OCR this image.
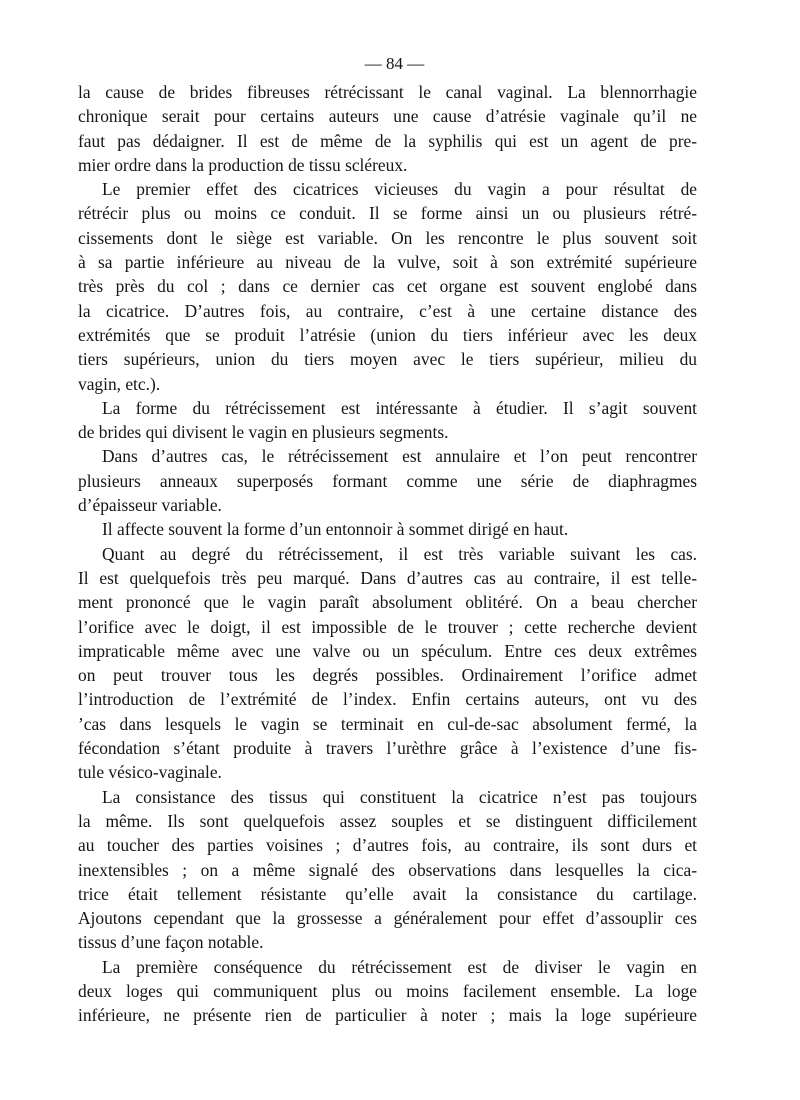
— 84 —
la cause de brides fibreuses rétrécissant le canal vaginal. La blennorrhagie
chronique serait pour certains auteurs une cause d’atrésie vaginale qu’il ne
faut pas dédaigner. Il est de même de la syphilis qui est un agent de pre-
mier ordre dans la production de tissu scléreux.
Le premier effet des cicatrices vicieuses du vagin a pour résultat de
rétrécir plus ou moins ce conduit. Il se forme ainsi un ou plusieurs rétré-
cissements dont le siège est variable. On les rencontre le plus souvent soit
à sa partie inférieure au niveau de la vulve, soit à son extrémité supérieure
très près du col ; dans ce dernier cas cet organe est souvent englobé dans
la cicatrice. D’autres fois, au contraire, c’est à une certaine distance des
extrémités que se produit l’atrésie (union du tiers inférieur avec les deux
tiers supérieurs, union du tiers moyen avec le tiers supérieur, milieu du
vagin, etc.).
La forme du rétrécissement est intéressante à étudier. Il s’agit souvent
de brides qui divisent le vagin en plusieurs segments.
Dans d’autres cas, le rétrécissement est annulaire et l’on peut rencontrer
plusieurs anneaux superposés formant comme une série de diaphragmes
d’épaisseur variable.
Il affecte souvent la forme d’un entonnoir à sommet dirigé en haut.
Quant au degré du rétrécissement, il est très variable suivant les cas.
Il est quelquefois très peu marqué. Dans d’autres cas au contraire, il est telle-
ment prononcé que le vagin paraît absolument oblitéré. On a beau chercher
l’orifice avec le doigt, il est impossible de le trouver ; cette recherche devient
impraticable même avec une valve ou un spéculum. Entre ces deux extrêmes
on peut trouver tous les degrés possibles. Ordinairement l’orifice admet
l’introduction de l’extrémité de l’index. Enfin certains auteurs, ont vu des
’cas dans lesquels le vagin se terminait en cul-de-sac absolument fermé, la
fécondation s’étant produite à travers l’urèthre grâce à l’existence d’une fis-
tule vésico-vaginale.
La consistance des tissus qui constituent la cicatrice n’est pas toujours
la même. Ils sont quelquefois assez souples et se distinguent difficilement
au toucher des parties voisines ; d’autres fois, au contraire, ils sont durs et
inextensibles ; on a même signalé des observations dans lesquelles la cica-
trice était tellement résistante qu’elle avait la consistance du cartilage.
Ajoutons cependant que la grossesse a généralement pour effet d’assouplir ces
tissus d’une façon notable.
La première conséquence du rétrécissement est de diviser le vagin en
deux loges qui communiquent plus ou moins facilement ensemble. La loge
inférieure, ne présente rien de particulier à noter ; mais la loge supérieure
